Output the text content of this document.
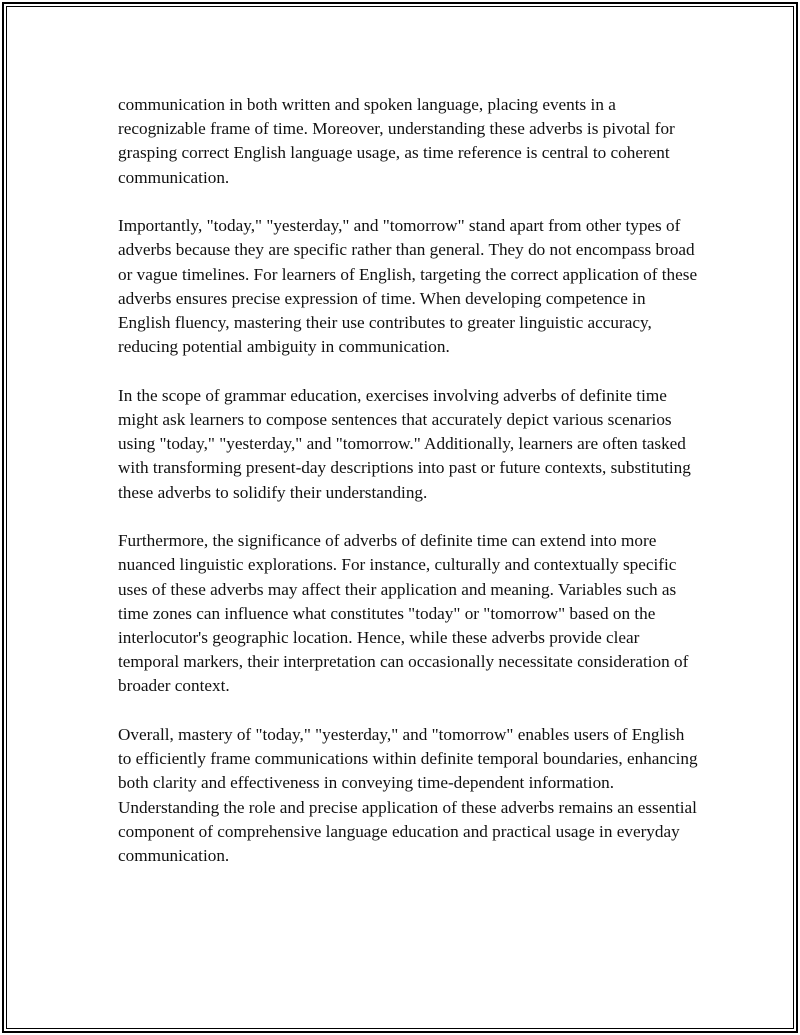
communication in both written and spoken language, placing events in a recognizable frame of time. Moreover, understanding these adverbs is pivotal for grasping correct English language usage, as time reference is central to coherent communication.

Importantly, "today," "yesterday," and "tomorrow" stand apart from other types of adverbs because they are specific rather than general. They do not encompass broad or vague timelines. For learners of English, targeting the correct application of these adverbs ensures precise expression of time. When developing competence in English fluency, mastering their use contributes to greater linguistic accuracy, reducing potential ambiguity in communication.

In the scope of grammar education, exercises involving adverbs of definite time might ask learners to compose sentences that accurately depict various scenarios using "today," "yesterday," and "tomorrow." Additionally, learners are often tasked with transforming present-day descriptions into past or future contexts, substituting these adverbs to solidify their understanding.

Furthermore, the significance of adverbs of definite time can extend into more nuanced linguistic explorations. For instance, culturally and contextually specific uses of these adverbs may affect their application and meaning. Variables such as time zones can influence what constitutes "today" or "tomorrow" based on the interlocutor's geographic location. Hence, while these adverbs provide clear temporal markers, their interpretation can occasionally necessitate consideration of broader context.

Overall, mastery of "today," "yesterday," and "tomorrow" enables users of English to efficiently frame communications within definite temporal boundaries, enhancing both clarity and effectiveness in conveying time-dependent information. Understanding the role and precise application of these adverbs remains an essential component of comprehensive language education and practical usage in everyday communication.
